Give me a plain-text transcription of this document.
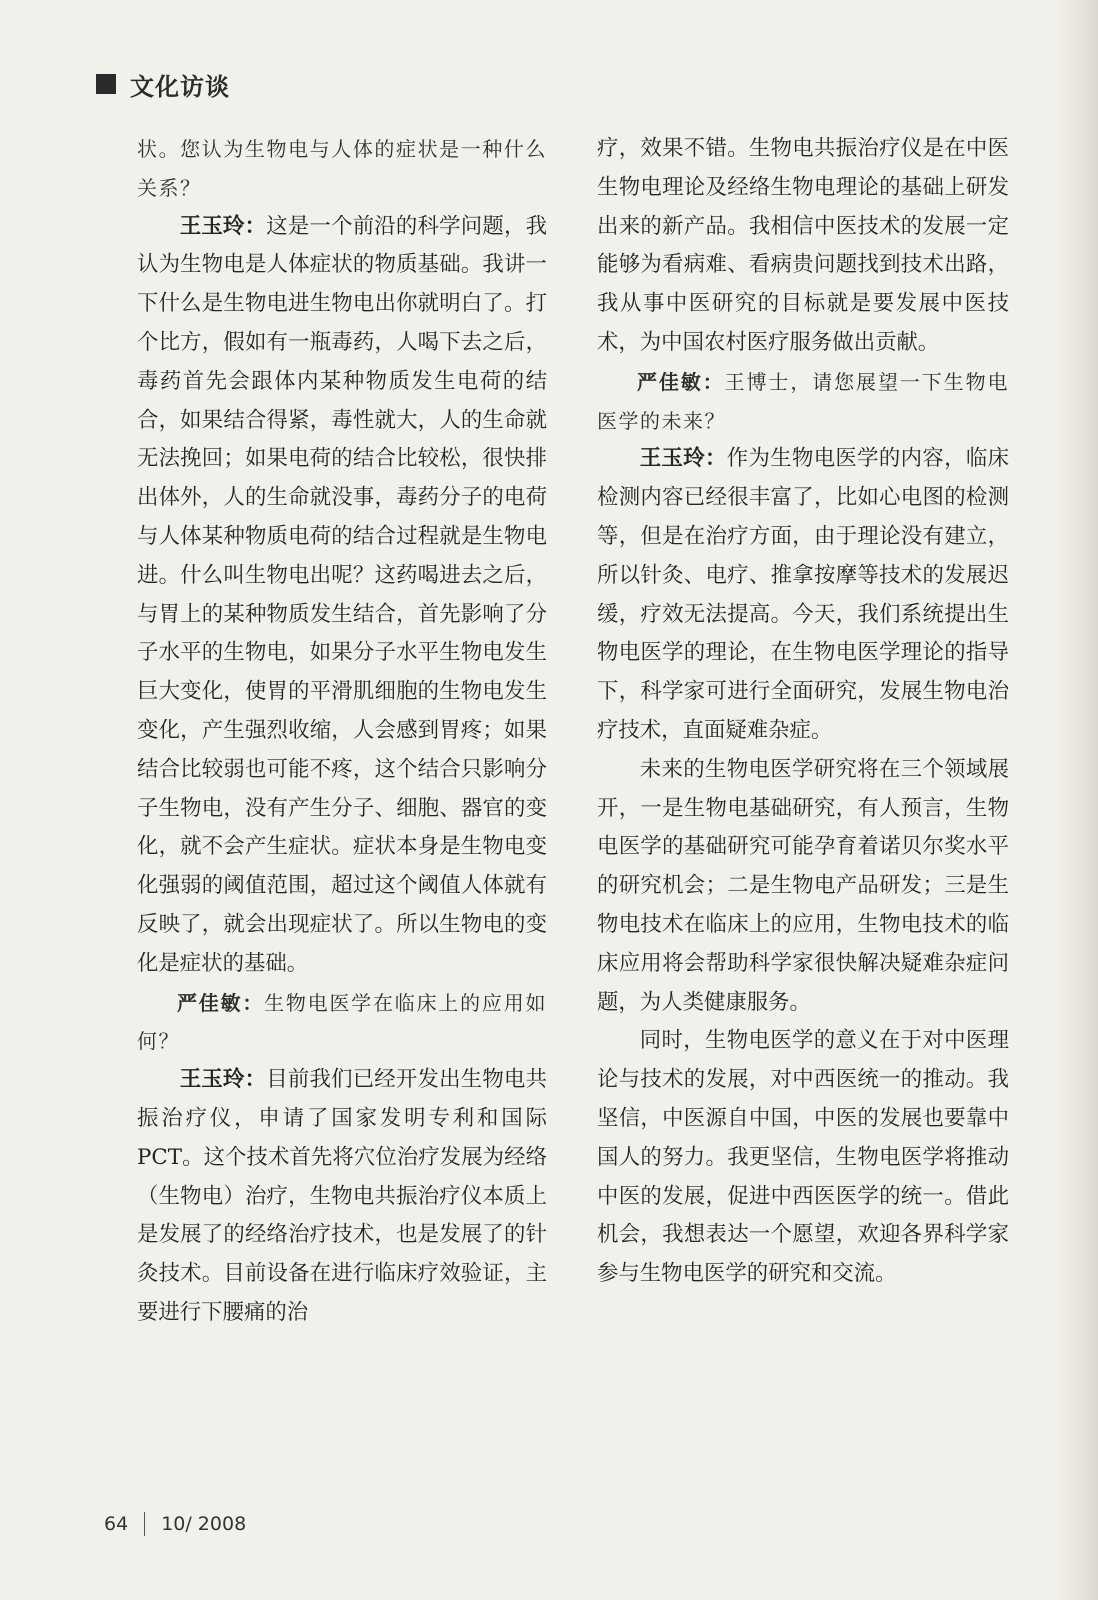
文化访谈

状。您认为生物电与人体的症状是一种什么关系？

王玉玲：这是一个前沿的科学问题，我认为生物电是人体症状的物质基础。我讲一下什么是生物电进生物电出你就明白了。打个比方，假如有一瓶毒药，人喝下去之后，毒药首先会跟体内某种物质发生电荷的结合，如果结合得紧，毒性就大，人的生命就无法挽回；如果电荷的结合比较松，很快排出体外，人的生命就没事，毒药分子的电荷与人体某种物质电荷的结合过程就是生物电进。什么叫生物电出呢？这药喝进去之后，与胃上的某种物质发生结合，首先影响了分子水平的生物电，如果分子水平生物电发生巨大变化，使胃的平滑肌细胞的生物电发生变化，产生强烈收缩，人会感到胃疼；如果结合比较弱也可能不疼，这个结合只影响分子生物电，没有产生分子、细胞、器官的变化，就不会产生症状。症状本身是生物电变化强弱的阈值范围，超过这个阈值人体就有反映了，就会出现症状了。所以生物电的变化是症状的基础。

严佳敏：生物电医学在临床上的应用如何？

王玉玲：目前我们已经开发出生物电共振治疗仪，申请了国家发明专利和国际PCT。这个技术首先将穴位治疗发展为经络（生物电）治疗，生物电共振治疗仪本质上是发展了的经络治疗技术，也是发展了的针灸技术。目前设备在进行临床疗效验证，主要进行下腰痛的治

疗，效果不错。生物电共振治疗仪是在中医生物电理论及经络生物电理论的基础上研发出来的新产品。我相信中医技术的发展一定能够为看病难、看病贵问题找到技术出路，我从事中医研究的目标就是要发展中医技术，为中国农村医疗服务做出贡献。

严佳敏：王博士，请您展望一下生物电医学的未来？

王玉玲：作为生物电医学的内容，临床检测内容已经很丰富了，比如心电图的检测等，但是在治疗方面，由于理论没有建立，所以针灸、电疗、推拿按摩等技术的发展迟缓，疗效无法提高。今天，我们系统提出生物电医学的理论，在生物电医学理论的指导下，科学家可进行全面研究，发展生物电治疗技术，直面疑难杂症。

未来的生物电医学研究将在三个领域展开，一是生物电基础研究，有人预言，生物电医学的基础研究可能孕育着诺贝尔奖水平的研究机会；二是生物电产品研发；三是生物电技术在临床上的应用，生物电技术的临床应用将会帮助科学家很快解决疑难杂症问题，为人类健康服务。

同时，生物电医学的意义在于对中医理论与技术的发展，对中西医统一的推动。我坚信，中医源自中国，中医的发展也要靠中国人的努力。我更坚信，生物电医学将推动中医的发展，促进中西医医学的统一。借此机会，我想表达一个愿望，欢迎各界科学家参与生物电医学的研究和交流。

64 10/ 2008
